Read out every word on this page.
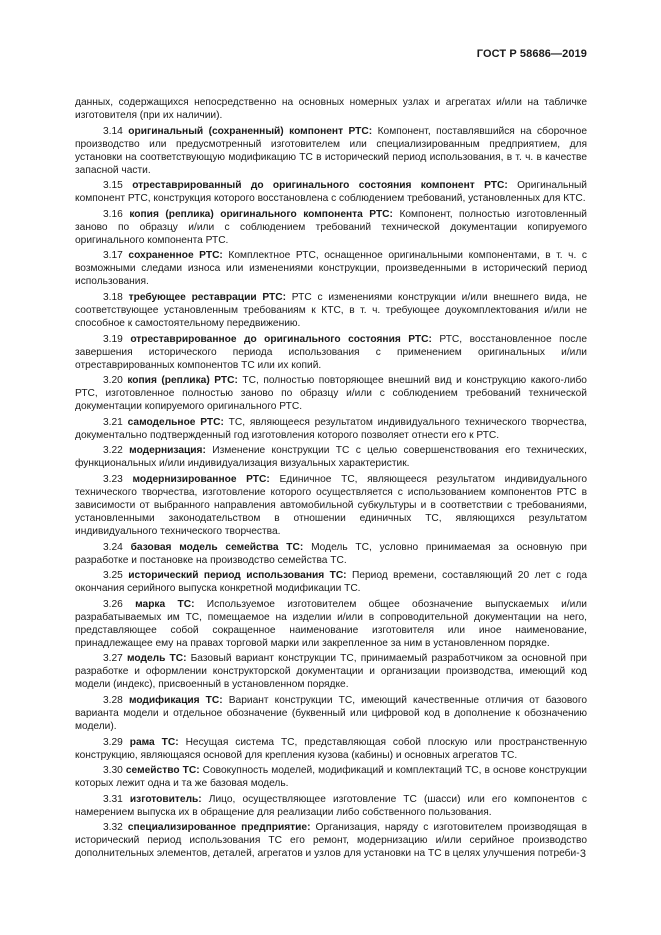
ГОСТ Р 58686—2019

данных, содержащихся непосредственно на основных номерных узлах и агрегатах и/или на табличке изготовителя (при их наличии).

3.14 оригинальный (сохраненный) компонент РТС: Компонент, поставлявшийся на сборочное производство или предусмотренный изготовителем или специализированным предприятием, для установки на соответствующую модификацию ТС в исторический период использования, в т. ч. в качестве запасной части.

3.15 отреставрированный до оригинального состояния компонент РТС: Оригинальный компонент РТС, конструкция которого восстановлена с соблюдением требований, установленных для КТС.

3.16 копия (реплика) оригинального компонента РТС: Компонент, полностью изготовленный заново по образцу и/или с соблюдением требований технической документации копируемого оригинального компонента РТС.

3.17 сохраненное РТС: Комплектное РТС, оснащенное оригинальными компонентами, в т. ч. с возможными следами износа или изменениями конструкции, произведенными в исторический период использования.

3.18 требующее реставрации РТС: РТС с изменениями конструкции и/или внешнего вида, не соответствующее установленным требованиям к КТС, в т. ч. требующее доукомплектования и/или не способное к самостоятельному передвижению.

3.19 отреставрированное до оригинального состояния РТС: РТС, восстановленное после завершения исторического периода использования с применением оригинальных и/или отреставрированных компонентов ТС или их копий.

3.20 копия (реплика) РТС: ТС, полностью повторяющее внешний вид и конструкцию какого-либо РТС, изготовленное полностью заново по образцу и/или с соблюдением требований технической документации копируемого оригинального РТС.

3.21 самодельное РТС: ТС, являющееся результатом индивидуального технического творчества, документально подтвержденный год изготовления которого позволяет отнести его к РТС.

3.22 модернизация: Изменение конструкции ТС с целью совершенствования его технических, функциональных и/или индивидуализация визуальных характеристик.

3.23 модернизированное РТС: Единичное ТС, являющееся результатом индивидуального технического творчества, изготовление которого осуществляется с использованием компонентов РТС в зависимости от выбранного направления автомобильной субкультуры и в соответствии с требованиями, установленными законодательством в отношении единичных ТС, являющихся результатом индивидуального технического творчества.

3.24 базовая модель семейства ТС: Модель ТС, условно принимаемая за основную при разработке и постановке на производство семейства ТС.

3.25 исторический период использования ТС: Период времени, составляющий 20 лет с года окончания серийного выпуска конкретной модификации ТС.

3.26 марка ТС: Используемое изготовителем общее обозначение выпускаемых и/или разрабатываемых им ТС, помещаемое на изделии и/или в сопроводительной документации на него, представляющее собой сокращенное наименование изготовителя или иное наименование, принадлежащее ему на правах торговой марки или закрепленное за ним в установленном порядке.

3.27 модель ТС: Базовый вариант конструкции ТС, принимаемый разработчиком за основной при разработке и оформлении конструкторской документации и организации производства, имеющий код модели (индекс), присвоенный в установленном порядке.

3.28 модификация ТС: Вариант конструкции ТС, имеющий качественные отличия от базового варианта модели и отдельное обозначение (буквенный или цифровой код в дополнение к обозначению модели).

3.29 рама ТС: Несущая система ТС, представляющая собой плоскую или пространственную конструкцию, являющаяся основой для крепления кузова (кабины) и основных агрегатов ТС.

3.30 семейство ТС: Совокупность моделей, модификаций и комплектаций ТС, в основе конструкции которых лежит одна и та же базовая модель.

3.31 изготовитель: Лицо, осуществляющее изготовление ТС (шасси) или его компонентов с намерением выпуска их в обращение для реализации либо собственного пользования.

3.32 специализированное предприятие: Организация, наряду с изготовителем производящая в исторический период использования ТС его ремонт, модернизацию и/или серийное производство дополнительных элементов, деталей, агрегатов и узлов для установки на ТС в целях улучшения потреби- 3
